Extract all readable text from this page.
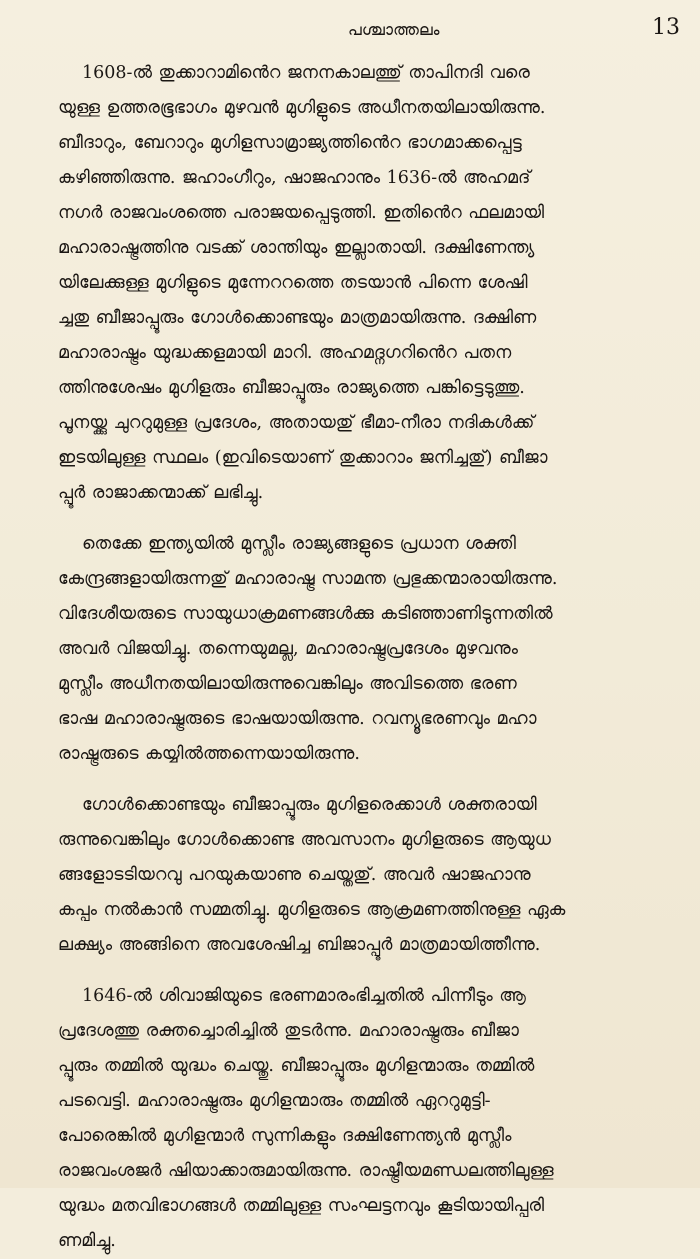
പശ്ചാത്തലം	13
1608-ൽ തുക്കാറാമിൻെറ ജനനകാലത്തു് താപിനദി വരെ
യുള്ള ഉത്തരഭൂഭാഗം മുഴവൻ മുഗിളുടെ അധീനതയിലായിരുന്നു.
ബീദാറും, ബേറാറും മുഗിളസാമ്രാജ്യത്തിൻെറ ഭാഗമാക്കപ്പെട്ട
കഴിഞ്ഞിരുന്നു. ജഹാംഗീറും, ഷാജഹാനും 1636-ൽ അഹമദ്
നഗർ രാജവംശത്തെ പരാജയപ്പെടുത്തി. ഇതിൻെറ ഫലമായി
മഹാരാഷ്ട്രത്തിനു വടക്ക് ശാന്തിയും ഇല്ലാതായി. ദക്ഷിണേന്ത്യ
യിലേക്കുള്ള മുഗിളുടെ മുന്നേററത്തെ തടയാൻ പിന്നെ ശേഷി
ച്ചതു ബീജാപ്പൂരും ഗോൾക്കൊണ്ടയും മാത്രമായിരുന്നു. ദക്ഷിണ
മഹാരാഷ്ട്രം യുദ്ധക്കളമായി മാറി. അഹമദ്നഗറിൻെറ പതന
ത്തിനുശേഷം മുഗിളരും ബീജാപ്പൂരും രാജ്യത്തെ പങ്കിട്ടെടുത്തു.
പൂനയ്ക്കു ചുററുമുള്ള പ്രദേശം, അതായതു് ഭീമാ-നീരാ നദികൾക്ക്
ഇടയിലുള്ള സ്ഥലം (ഇവിടെയാണ് തുക്കാറാം ജനിച്ചതു്) ബീജാ
പ്പൂർ രാജാക്കന്മാക്ക് ലഭിച്ചു.
തെക്കേ ഇന്ത്യയിൽ മുസ്ലീം രാജ്യങ്ങളുടെ പ്രധാന ശക്തി
കേന്ദ്രങ്ങളായിരുന്നതു് മഹാരാഷ്ട്ര സാമന്ത പ്രഭുക്കന്മാരായിരുന്നു.
വിദേശീയരുടെ സായുധാക്രമണങ്ങൾക്കു കടിഞ്ഞാണിടുന്നതിൽ
അവർ വിജയിച്ചു. തന്നെയുമല്ല, മഹാരാഷ്ട്രപ്രദേശം മുഴവനും
മുസ്ലീം അധീനതയിലായിരുന്നുവെങ്കിലും അവിടത്തെ ഭരണ
ഭാഷ മഹാരാഷ്ട്രരുടെ ഭാഷയായിരുന്നു. റവന്യൂഭരണവും മഹാ
രാഷ്ട്രരുടെ കയ്യിൽത്തന്നെയായിരുന്നു.
ഗോൾക്കൊണ്ടയും ബീജാപ്പൂരും മുഗിളരെക്കാൾ ശക്തരായി
രുന്നുവെങ്കിലും ഗോൾക്കൊണ്ട അവസാനം മുഗിളരുടെ ആയുധ
ങ്ങളോടടിയറവു പറയുകയാണു ചെയ്തതു്. അവർ ഷാജഹാനു
കപ്പം നൽകാൻ സമ്മതിച്ചു. മുഗിളരുടെ ആക്രമണത്തിനുള്ള ഏക
ലക്ഷ്യം അങ്ങിനെ അവശേഷിച്ച ബിജാപ്പൂർ മാത്രമായിത്തീന്നു.
1646-ൽ ശിവാജിയുടെ ഭരണമാരംഭിച്ചതിൽ പിന്നീടും ആ
പ്രദേശത്തു രക്തച്ചൊരിച്ചിൽ തുടർന്നു. മഹാരാഷ്ട്രരും ബീജാ
പ്പൂരും തമ്മിൽ യുദ്ധം ചെയ്തു. ബീജാപ്പൂരും മുഗിളന്മാരും തമ്മിൽ
പടവെട്ടി. മഹാരാഷ്ട്രരും മുഗിളന്മാരും തമ്മിൽ ഏററുമുട്ടി-
പോരെങ്കിൽ മുഗിളന്മാർ സുന്നികളും ദക്ഷിണേന്ത്യൻ മുസ്ലീം
രാജവംശജർ ഷിയാക്കാരുമായിരുന്നു. രാഷ്ട്രീയമണ്ഡലത്തിലുള്ള
യുദ്ധം മതവിഭാഗങ്ങൾ തമ്മിലുള്ള സംഘട്ടനവും കൂടിയായിപ്പരി
ണമിച്ചു.
